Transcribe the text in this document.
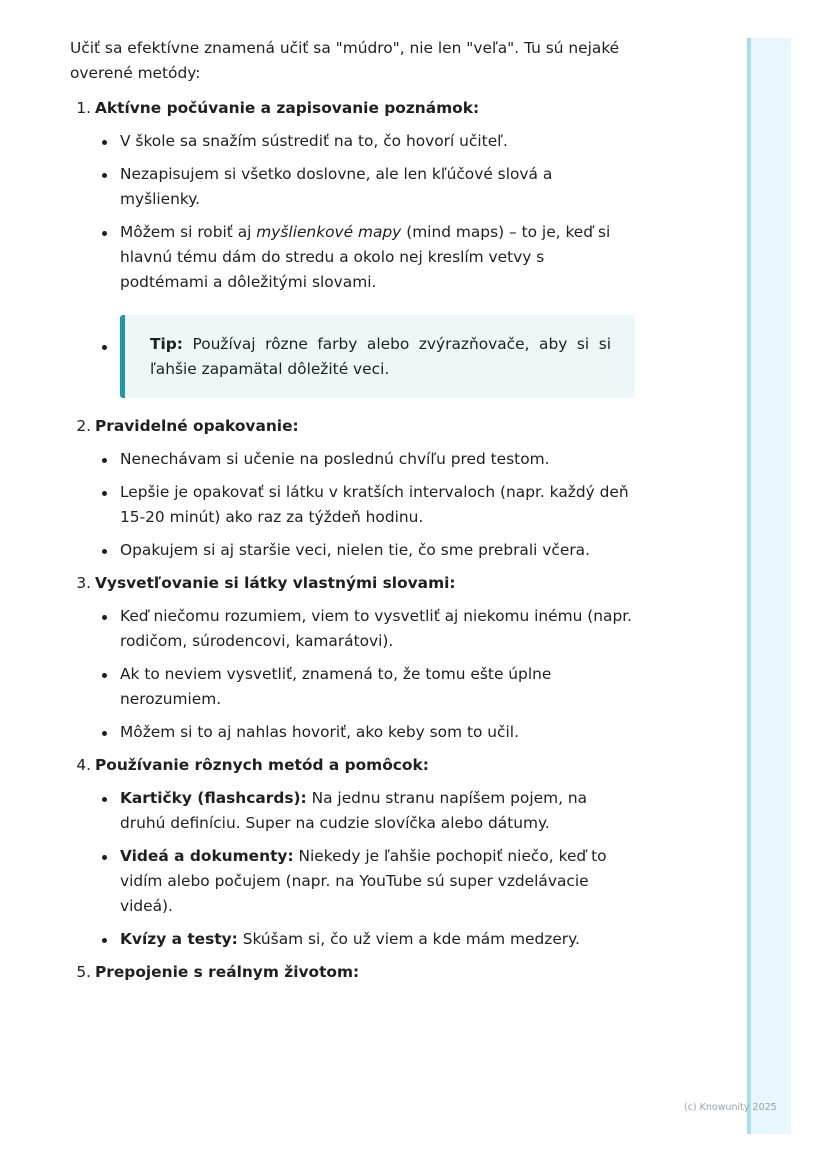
Učiť sa efektívne znamená učiť sa "múdro", nie len "veľa". Tu sú nejaké overené metódy:

1. Aktívne počúvanie a zapisovanie poznámok:
V škole sa snažím sústrediť na to, čo hovorí učiteľ.
Nezapisujem si všetko doslovne, ale len kľúčové slová a myšlienky.
Môžem si robiť aj myšlienkové mapy (mind maps) – to je, keď si hlavnú tému dám do stredu a okolo nej kreslím vetvy s podtémami a dôležitými slovami.
Tip: Používaj rôzne farby alebo zvýrazňovače, aby si si ľahšie zapamätal dôležité veci.
2. Pravidelné opakovanie:
Nenechávam si učenie na poslednú chvíľu pred testom.
Lepšie je opakovať si látku v kratších intervaloch (napr. každý deň 15-20 minút) ako raz za týždeň hodinu.
Opakujem si aj staršie veci, nielen tie, čo sme prebrali včera.
3. Vysvetľovanie si látky vlastnými slovami:
Keď niečomu rozumiem, viem to vysvetliť aj niekomu inému (napr. rodičom, súrodencovi, kamarátovi).
Ak to neviem vysvetliť, znamená to, že tomu ešte úplne nerozumiem.
Môžem si to aj nahlas hovoriť, ako keby som to učil.
4. Používanie rôznych metód a pomôcok:
Kartičky (flashcards): Na jednu stranu napíšem pojem, na druhú definíciu. Super na cudzie slovíčka alebo dátumy.
Videá a dokumenty: Niekedy je ľahšie pochopiť niečo, keď to vidím alebo počujem (napr. na YouTube sú super vzdelávacie videá).
Kvízy a testy: Skúšam si, čo už viem a kde mám medzery.
5. Prepojenie s reálnym životom:
(c) Knowunity 2025
